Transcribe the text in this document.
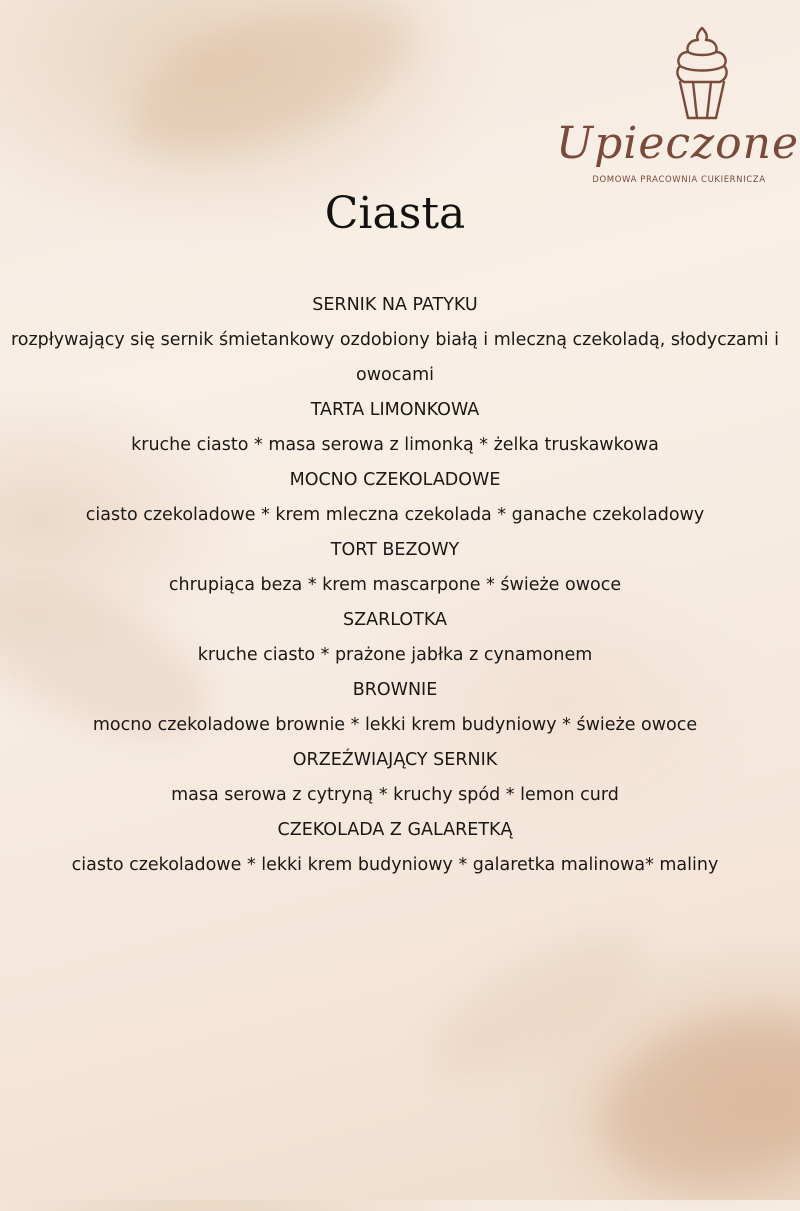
Upieczone
DOMOWA PRACOWNIA CUKIERNICZA
Ciasta
SERNIK NA PATYKU
rozpływający się sernik śmietankowy ozdobiony białą i mleczną czekoladą, słodyczami i owocami
TARTA LIMONKOWA
kruche ciasto * masa serowa z limonką * żelka truskawkowa
MOCNO CZEKOLADOWE
ciasto czekoladowe * krem mleczna czekolada * ganache czekoladowy
TORT BEZOWY
chrupiąca beza * krem mascarpone * świeże owoce
SZARLOTKA
kruche ciasto * prażone jabłka z cynamonem
BROWNIE
mocno czekoladowe brownie * lekki krem budyniowy * świeże owoce
ORZEŹWIAJĄCY SERNIK
masa serowa z cytryną * kruchy spód * lemon curd
CZEKOLADA Z GALARETKĄ
ciasto czekoladowe * lekki krem budyniowy * galaretka malinowa* maliny
